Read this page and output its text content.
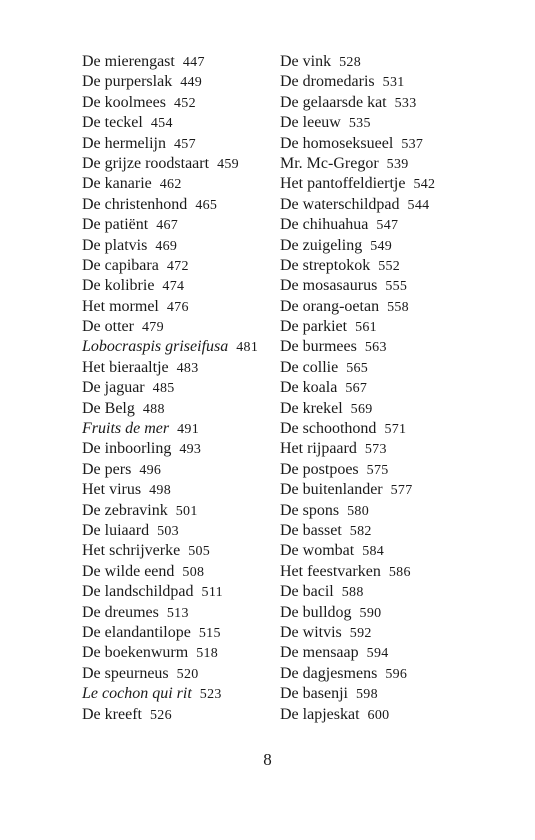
De mierengast 447
De purperslak 449
De koolmees 452
De teckel 454
De hermelijn 457
De grijze roodstaart 459
De kanarie 462
De christenhond 465
De patiënt 467
De platvis 469
De capibara 472
De kolibrie 474
Het mormel 476
De otter 479
Lobocraspis griseifusa 481
Het bieraaltje 483
De jaguar 485
De Belg 488
Fruits de mer 491
De inboorling 493
De pers 496
Het virus 498
De zebravink 501
De luiaard 503
Het schrijverke 505
De wilde eend 508
De landschildpad 511
De dreumes 513
De elandantilope 515
De boekenwurm 518
De speurneus 520
Le cochon qui rit 523
De kreeft 526
De vink 528
De dromedaris 531
De gelaarsde kat 533
De leeuw 535
De homoseksueel 537
Mr. Mc-Gregor 539
Het pantoffeldiertje 542
De waterschildpad 544
De chihuahua 547
De zuigeling 549
De streptokok 552
De mosasaurus 555
De orang-oetan 558
De parkiet 561
De burmees 563
De collie 565
De koala 567
De krekel 569
De schoothond 571
Het rijpaard 573
De postpoes 575
De buitenlander 577
De spons 580
De basset 582
De wombat 584
Het feestvarken 586
De bacil 588
De bulldog 590
De witvis 592
De mensaap 594
De dagjesmens 596
De basenji 598
De lapjeskat 600
8
